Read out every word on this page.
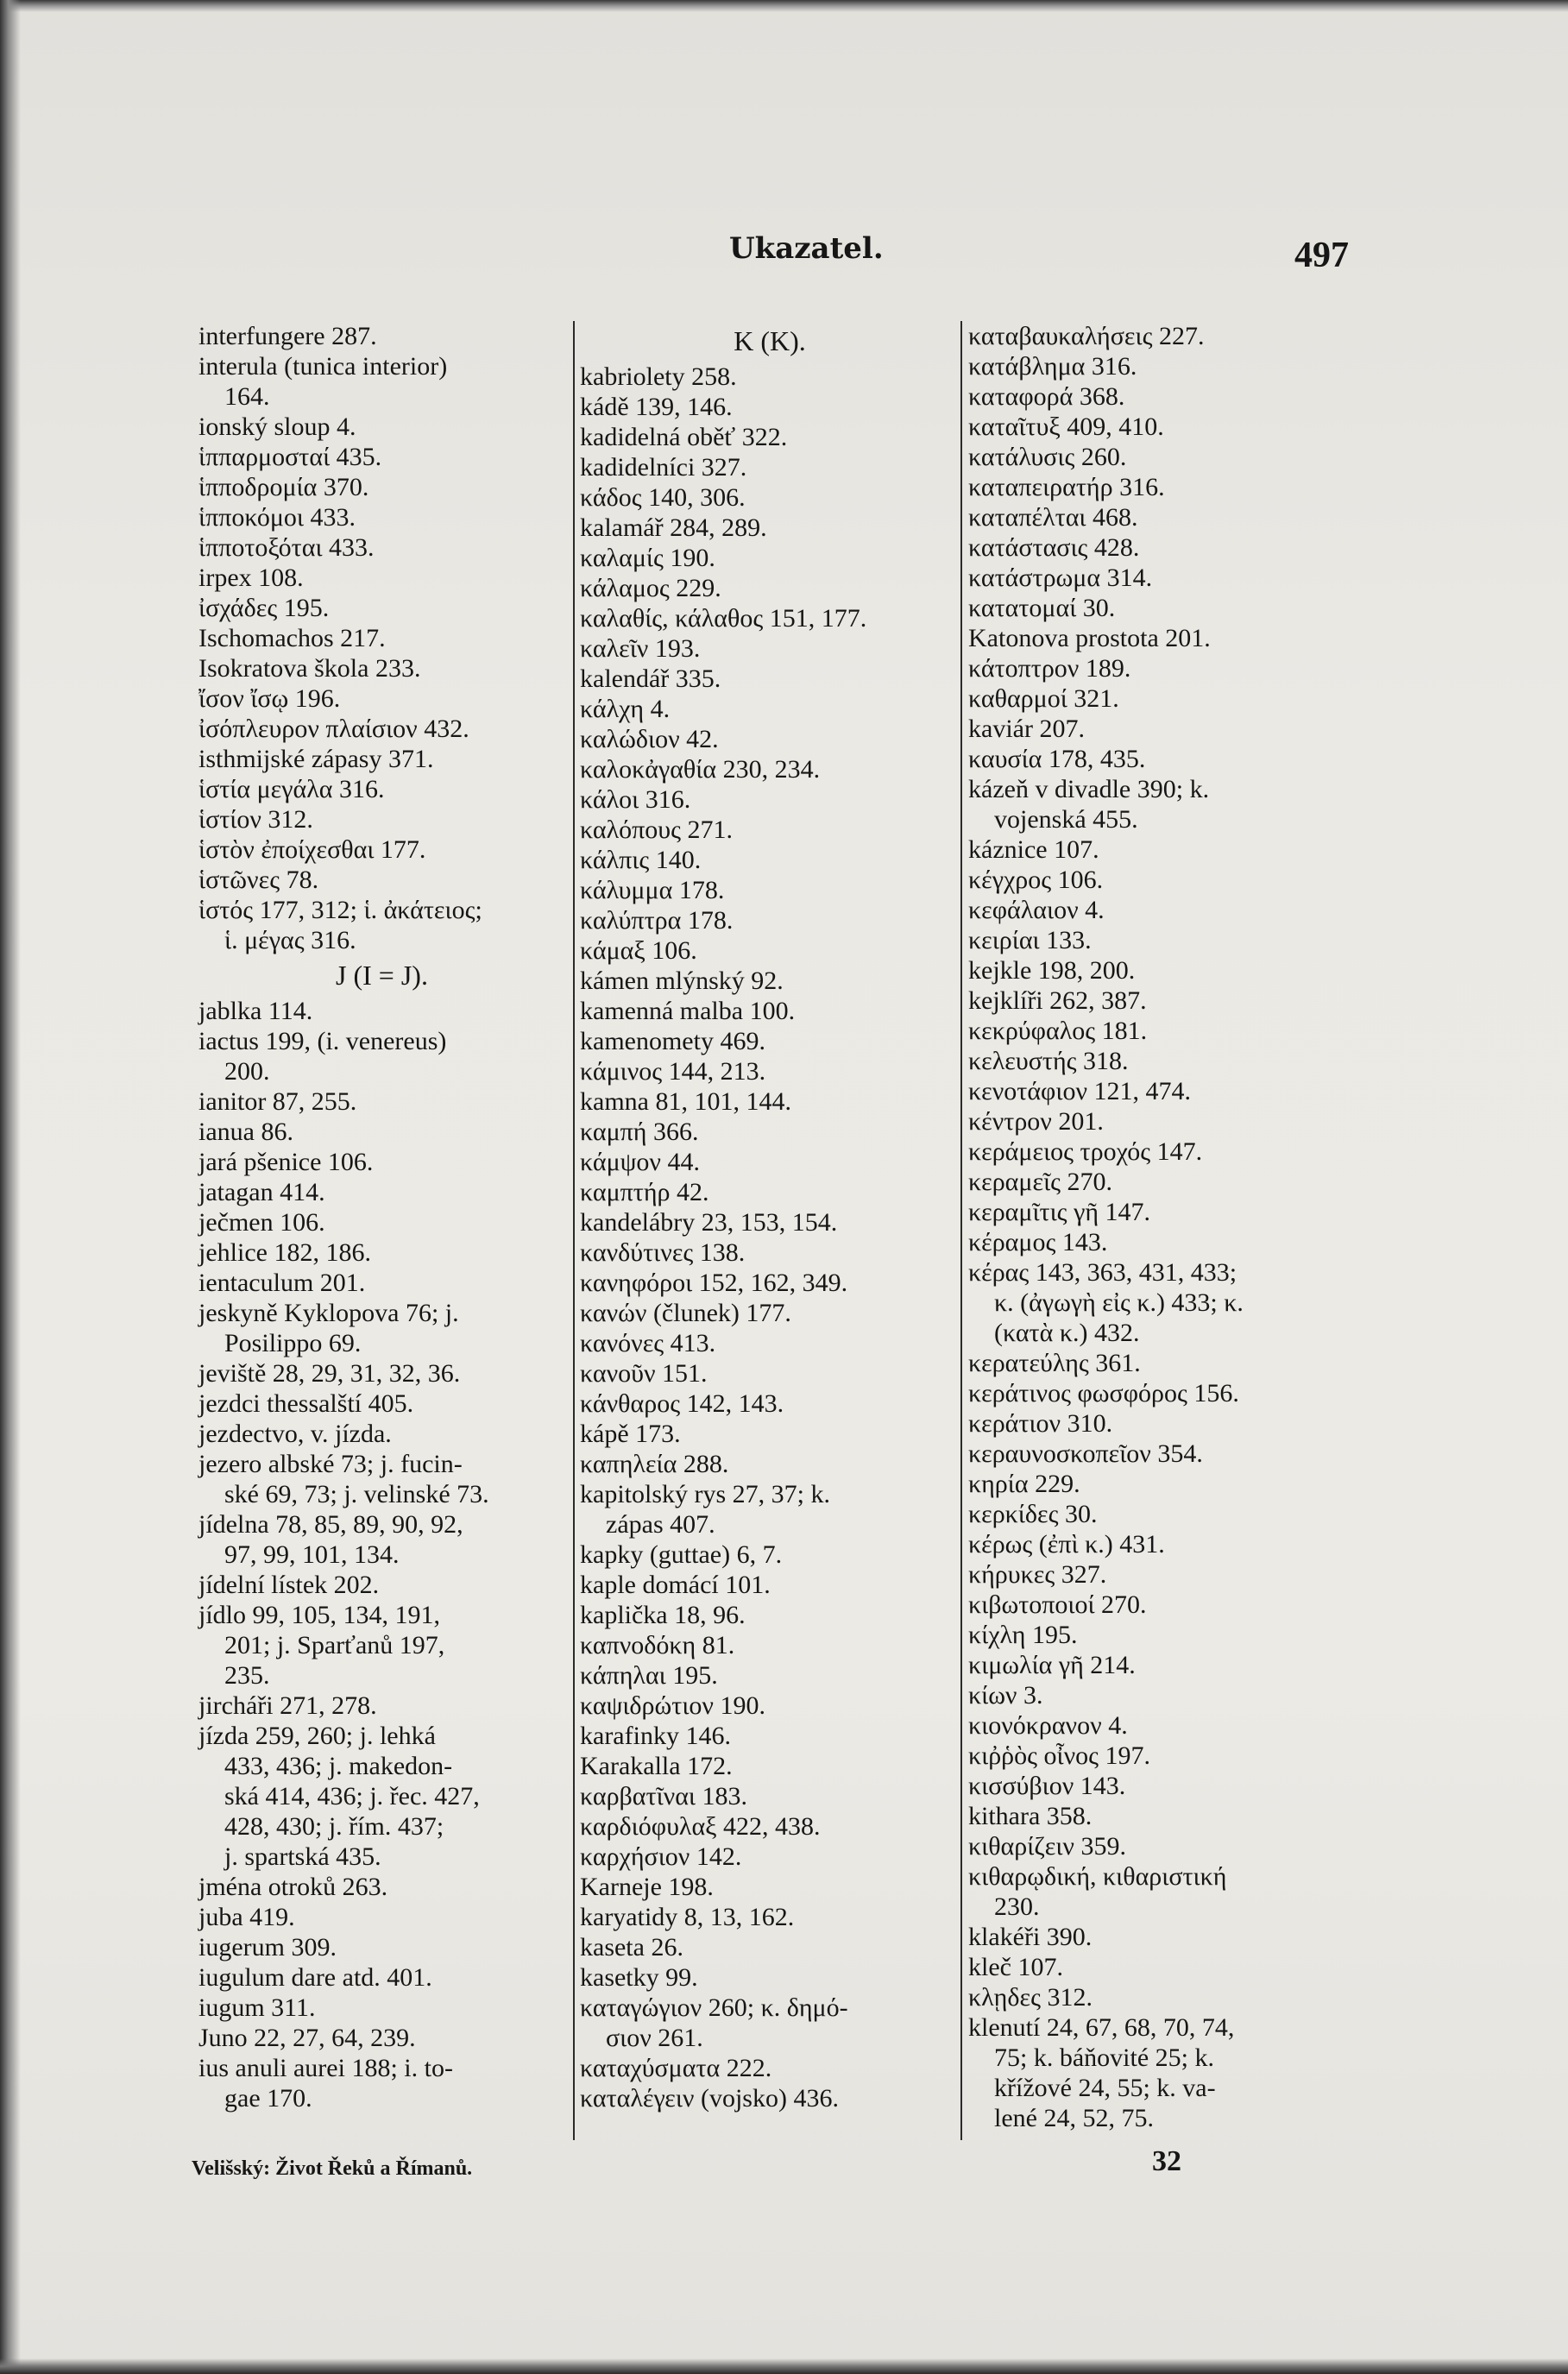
Ukazatel.	497
interfungere 287.
interula (tunica interior)
164.
ionský sloup 4.
ἱππαρμοσταί 435.
ἱπποδρομία 370.
ἱπποκόμοι 433.
ἱπποτοξόται 433.
irpex 108.
ἰσχάδες 195.
Ischomachos 217.
Isokratova škola 233.
ἴσον ἴσῳ 196.
ἰσόπλευρον πλαίσιον 432.
isthmijské zápasy 371.
ἱστία μεγάλα 316.
ἱστίον 312.
ἱστὸν ἐποίχεσθαι 177.
ἱστῶνες 78.
ἱστός 177, 312; ἱ. ἀκάτειος;
ἱ. μέγας 316.
J (I = J).
jablka 114.
iactus 199, (i. venereus)
200.
ianitor 87, 255.
ianua 86.
jará pšenice 106.
jatagan 414.
ječmen 106.
jehlice 182, 186.
ientaculum 201.
jeskyně Kyklopova 76; j.
Posilippo 69.
jeviště 28, 29, 31, 32, 36.
jezdci thessalští 405.
jezdectvo, v. jízda.
jezero albské 73; j. fucin-
ské 69, 73; j. velinské 73.
jídelna 78, 85, 89, 90, 92,
97, 99, 101, 134.
jídelní lístek 202.
jídlo 99, 105, 134, 191,
201; j. Sparťanů 197,
235.
jircháři 271, 278.
jízda 259, 260; j. lehká
433, 436; j. makedon-
ská 414, 436; j. řec. 427,
428, 430; j. řím. 437;
j. spartská 435.
jména otroků 263.
juba 419.
iugerum 309.
iugulum dare atd. 401.
iugum 311.
Juno 22, 27, 64, 239.
ius anuli aurei 188; i. to-
gae 170.
K (K).
kabriolety 258.
kádě 139, 146.
kadidelná oběť 322.
kadidelníci 327.
κάδος 140, 306.
kalamář 284, 289.
καλαμίς 190.
κάλαμος 229.
καλαθίς, κάλαθος 151, 177.
καλεῖν 193.
kalendář 335.
κάλχη 4.
καλώδιον 42.
καλοκἀγαθία 230, 234.
κάλοι 316.
καλόπους 271.
κάλπις 140.
κάλυμμα 178.
καλύπτρα 178.
κάμαξ 106.
kámen mlýnský 92.
kamenná malba 100.
kamenomety 469.
κάμινος 144, 213.
kamna 81, 101, 144.
καμπή 366.
κάμψον 44.
καμπτήρ 42.
kandelábry 23, 153, 154.
κανδύτινες 138.
κανηφόροι 152, 162, 349.
κανών (člunek) 177.
κανόνες 413.
κανοῦν 151.
κάνθαρος 142, 143.
kápě 173.
καπηλεία 288.
kapitolský rys 27, 37; k.
zápas 407.
kapky (guttae) 6, 7.
kaple domácí 101.
kaplička 18, 96.
καπνοδόκη 81.
κάπηλαι 195.
καψιδρώτιον 190.
karafinky 146.
Karakalla 172.
καρβατῖναι 183.
καρδιόφυλαξ 422, 438.
καρχήσιον 142.
Karneje 198.
karyatidy 8, 13, 162.
kaseta 26.
kasetky 99.
καταγώγιον 260; κ. δημό-
σιον 261.
καταχύσματα 222.
καταλέγειν (vojsko) 436.
καταβαυκαλήσεις 227.
κατάβλημα 316.
καταφορά 368.
καταῖτυξ 409, 410.
κατάλυσις 260.
καταπειρατήρ 316.
καταπέλται 468.
κατάστασις 428.
κατάστρωμα 314.
κατατομαί 30.
Katonova prostota 201.
κάτοπτρον 189.
καθαρμοί 321.
kaviár 207.
καυσία 178, 435.
kázeň v divadle 390; k.
vojenská 455.
káznice 107.
κέγχρος 106.
κεφάλαιον 4.
κειρίαι 133.
kejkle 198, 200.
kejklíři 262, 387.
κεκρύφαλος 181.
κελευστής 318.
κενοτάφιον 121, 474.
κέντρον 201.
κεράμειος τροχός 147.
κεραμεῖς 270.
κεραμῖτις γῆ 147.
κέραμος 143.
κέρας 143, 363, 431, 433;
κ. (ἀγωγὴ εἰς κ.) 433; κ.
(κατὰ κ.) 432.
κερατεύλης 361.
κεράτινος φωσφόρος 156.
κεράτιον 310.
κεραυνοσκοπεῖον 354.
κηρία 229.
κερκίδες 30.
κέρως (ἐπὶ κ.) 431.
κήρυκες 327.
κιβωτοποιοί 270.
κίχλη 195.
κιμωλία γῆ 214.
κίων 3.
κιονόκρανον 4.
κιῤῥὸς οἶνος 197.
κισσύβιον 143.
kithara 358.
κιθαρίζειν 359.
κιθαρῳδική, κιθαριστική
230.
klakéři 390.
kleč 107.
κλῃδες 312.
klenutí 24, 67, 68, 70, 74,
75; k. báňovité 25; k.
křížové 24, 55; k. va-
lené 24, 52, 75.
Velišský: Život Řeků a Římanů.	32
